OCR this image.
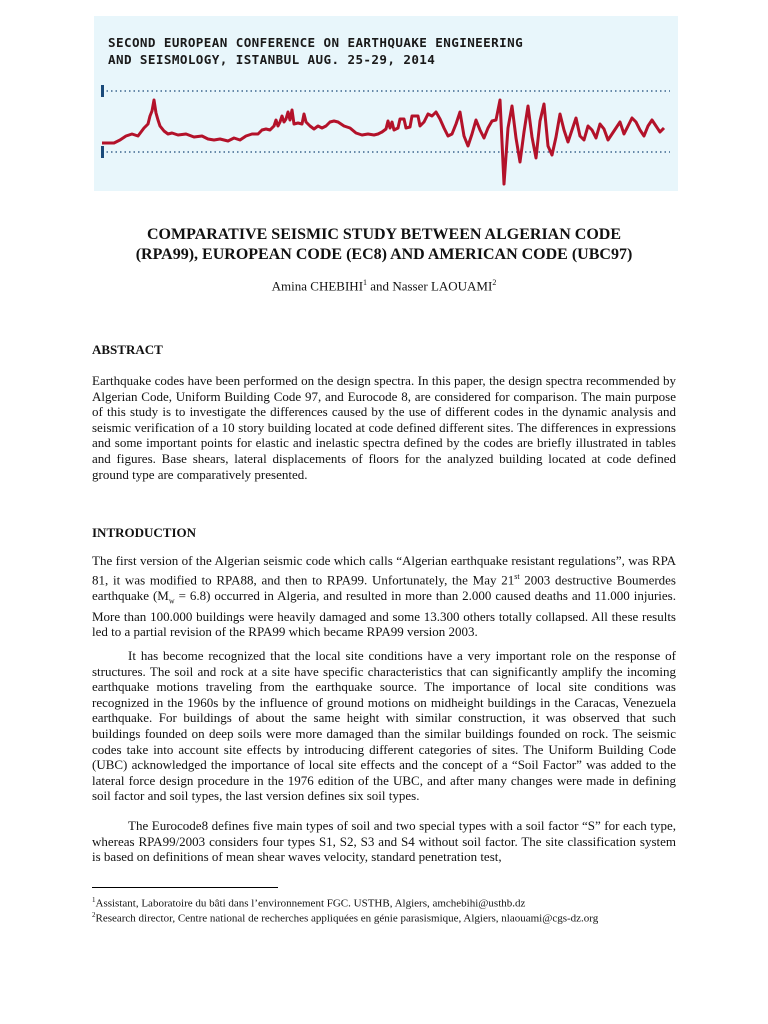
SECOND EUROPEAN CONFERENCE ON EARTHQUAKE ENGINEERING
AND SEISMOLOGY, ISTANBUL AUG. 25-29, 2014

COMPARATIVE SEISMIC STUDY BETWEEN ALGERIAN CODE
(RPA99), EUROPEAN CODE (EC8) AND AMERICAN CODE (UBC97)

Amina CHEBIHI$^1$ and Nasser LAOUAMI$^2$

ABSTRACT

Earthquake codes have been performed on the design spectra. In this paper, the design spectra recommended by Algerian Code, Uniform Building Code 97, and Eurocode 8, are considered for comparison. The main purpose of this study is to investigate the differences caused by the use of different codes in the dynamic analysis and seismic verification of a 10 story building located at code defined different sites. The differences in expressions and some important points for elastic and inelastic spectra defined by the codes are briefly illustrated in tables and figures. Base shears, lateral displacements of floors for the analyzed building located at code defined ground type are comparatively presented.

INTRODUCTION

The first version of the Algerian seismic code which calls “Algerian earthquake resistant regulations”, was RPA 81, it was modified to RPA88, and then to RPA99. Unfortunately, the May 21st 2003 destructive Boumerdes earthquake $(M_w = 6.8)$ occurred in Algeria, and resulted in more than 2.000 caused deaths and 11.000 injuries. More than 100.000 buildings were heavily damaged and some 13.300 others totally collapsed. All these results led to a partial revision of the RPA99 which became RPA99 version 2003.

It has become recognized that the local site conditions have a very important role on the response of structures. The soil and rock at a site have specific characteristics that can significantly amplify the incoming earthquake motions traveling from the earthquake source. The importance of local site conditions was recognized in the 1960s by the influence of ground motions on midheight buildings in the Caracas, Venezuela earthquake. For buildings of about the same height with similar construction, it was observed that such buildings founded on deep soils were more damaged than the similar buildings founded on rock. The seismic codes take into account site effects by introducing different categories of sites. The Uniform Building Code (UBC) acknowledged the importance of local site effects and the concept of a “Soil Factor” was added to the lateral force design procedure in the 1976 edition of the UBC, and after many changes were made in defining soil factor and soil types, the last version defines six soil types.

The Eurocode8 defines five main types of soil and two special types with a soil factor “S” for each type, whereas RPA99/2003 considers four types S1, S2, S3 and S4 without soil factor. The site classification system is based on definitions of mean shear waves velocity, standard penetration test,

$^1$Assistant, Laboratoire du bâti dans l’environnement FGC. USTHB, Algiers, amchebihi@usthb.dz

$^2$Research director, Centre national de recherches appliquées en génie parasismique, Algiers, nlaouami@cgs-dz.org
